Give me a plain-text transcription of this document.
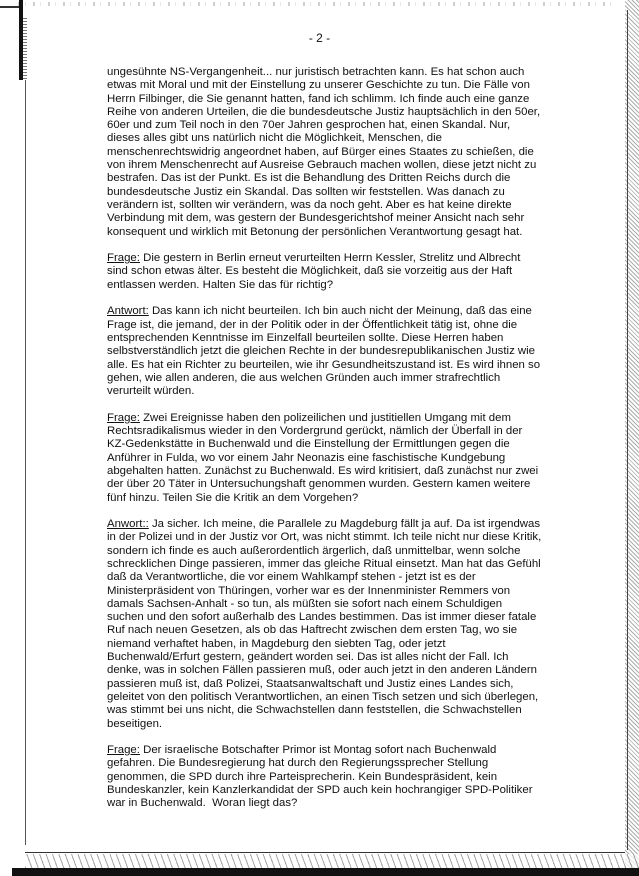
- 2 -
ungesühnte NS-Vergangenheit... nur juristisch betrachten kann. Es hat schon auch
etwas mit Moral und mit der Einstellung zu unserer Geschichte zu tun. Die Fälle von
Herrn Filbinger, die Sie genannt hatten, fand ich schlimm. Ich finde auch eine ganze
Reihe von anderen Urteilen, die die bundesdeutsche Justiz hauptsächlich in den 50er,
60er und zum Teil noch in den 70er Jahren gesprochen hat, einen Skandal. Nur,
dieses alles gibt uns natürlich nicht die Möglichkeit, Menschen, die
menschenrechtswidrig angeordnet haben, auf Bürger eines Staates zu schießen, die
von ihrem Menschenrecht auf Ausreise Gebrauch machen wollen, diese jetzt nicht zu
bestrafen. Das ist der Punkt. Es ist die Behandlung des Dritten Reichs durch die
bundesdeutsche Justiz ein Skandal. Das sollten wir feststellen. Was danach zu
verändern ist, sollten wir verändern, was da noch geht. Aber es hat keine direkte
Verbindung mit dem, was gestern der Bundesgerichtshof meiner Ansicht nach sehr
konsequent und wirklich mit Betonung der persönlichen Verantwortung gesagt hat.
Frage: Die gestern in Berlin erneut verurteilten Herrn Kessler, Strelitz und Albrecht
sind schon etwas älter. Es besteht die Möglichkeit, daß sie vorzeitig aus der Haft
entlassen werden. Halten Sie das für richtig?
Antwort: Das kann ich nicht beurteilen. Ich bin auch nicht der Meinung, daß das eine
Frage ist, die jemand, der in der Politik oder in der Öffentlichkeit tätig ist, ohne die
entsprechenden Kenntnisse im Einzelfall beurteilen sollte. Diese Herren haben
selbstverständlich jetzt die gleichen Rechte in der bundesrepublikanischen Justiz wie
alle. Es hat ein Richter zu beurteilen, wie ihr Gesundheitszustand ist. Es wird ihnen so
gehen, wie allen anderen, die aus welchen Gründen auch immer strafrechtlich
verurteilt würden.
Frage: Zwei Ereignisse haben den polizeilichen und justitiellen Umgang mit dem
Rechtsradikalismus wieder in den Vordergrund gerückt, nämlich der Überfall in der
KZ-Gedenkstätte in Buchenwald und die Einstellung der Ermittlungen gegen die
Anführer in Fulda, wo vor einem Jahr Neonazis eine faschistische Kundgebung
abgehalten hatten. Zunächst zu Buchenwald. Es wird kritisiert, daß zunächst nur zwei
der über 20 Täter in Untersuchungshaft genommen wurden. Gestern kamen weitere
fünf hinzu. Teilen Sie die Kritik an dem Vorgehen?
Anwort:: Ja sicher. Ich meine, die Parallele zu Magdeburg fällt ja auf. Da ist irgendwas
in der Polizei und in der Justiz vor Ort, was nicht stimmt. Ich teile nicht nur diese Kritik,
sondern ich finde es auch außerordentlich ärgerlich, daß unmittelbar, wenn solche
schrecklichen Dinge passieren, immer das gleiche Ritual einsetzt. Man hat das Gefühl
daß da Verantwortliche, die vor einem Wahlkampf stehen - jetzt ist es der
Ministerpräsident von Thüringen, vorher war es der Innenminister Remmers von
damals Sachsen-Anhalt - so tun, als müßten sie sofort nach einem Schuldigen
suchen und den sofort außerhalb des Landes bestimmen. Das ist immer dieser fatale
Ruf nach neuen Gesetzen, als ob das Haftrecht zwischen dem ersten Tag, wo sie
niemand verhaftet haben, in Magdeburg den siebten Tag, oder jetzt
Buchenwald/Erfurt gestern, geändert worden sei. Das ist alles nicht der Fall. Ich
denke, was in solchen Fällen passieren muß, oder auch jetzt in den anderen Ländern
passieren muß ist, daß Polizei, Staatsanwaltschaft und Justiz eines Landes sich,
geleitet von den politisch Verantwortlichen, an einen Tisch setzen und sich überlegen,
was stimmt bei uns nicht, die Schwachstellen dann feststellen, die Schwachstellen
beseitigen.
Frage: Der israelische Botschafter Primor ist Montag sofort nach Buchenwald
gefahren. Die Bundesregierung hat durch den Regierungssprecher Stellung
genommen, die SPD durch ihre Parteisprecherin. Kein Bundespräsident, kein
Bundeskanzler, kein Kanzlerkandidat der SPD auch kein hochrangiger SPD-Politiker
war in Buchenwald.  Woran liegt das?
